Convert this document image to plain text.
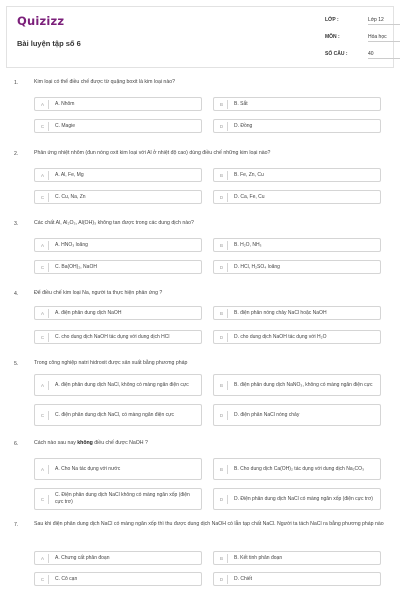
Quizizz
Bài luyện tập số 6
LỚP :	Lớp 12
MÔN :	Hóa học
SỐ CÂU :	40
1.	Kim loại có thể điều chế được từ quặng boxit là kim loại nào?
A	A. Nhôm	B	B. Sắt
C	C. Magie	D	D. Đồng
2.	Phản ứng nhiệt nhôm (đun nóng oxit kim loại với Al ở nhiệt độ cao) dùng điều chế những kim loại nào?
A	A. Al, Fe, Mg	B	B. Fe, Zn, Cu
C	C. Cu, Na, Zn	D	D. Ca, Fe, Cu
3.	Các chất Al, Al₂O₃, Al(OH)₃ không tan được trong các dung dịch nào?
A	A. HNO₃ loãng	B	B. H₂O, NH₃
C	C. Ba(OH)₂, NaOH	D	D. HCl, H₂SO₄ loãng
4.	Để điều chế kim loại Na, người ta thực hiện phản ứng ?
A	A. điện phân dung dịch NaOH	B	B. điện phân nóng chảy NaCl hoặc NaOH
C	C. cho dung dịch NaOH tác dụng với dung dịch HCl	D	D. cho dung dịch NaOH tác dụng với H₂O
5.	Trong công nghiệp natri hidroxit được sản xuất bằng phương pháp
A	A. điện phân dung dịch NaCl, không có màng ngăn điện cực	B	B. điện phân dung dịch NaNO₃, không có màng ngăn điện cực
C	C. điện phân dung dịch NaCl, có màng ngăn điện cực	D	D. điện phân NaCl nóng chảy
6.	Cách nào sau nay không điều chế được NaOH ?
A	A. Cho Na tác dụng với nước	B	B. Cho dung dịch Ca(OH)₂ tác dụng với dung dịch Na₂CO₃
C
C. Điện phân dung dịch NaCl không có màng ngăn xốp (điện cực trơ)	D	D. Điện phân dung dịch NaCl có màng ngăn xốp (điện cực trơ)
7.	Sau khi điện phân dung dịch NaCl có màng ngăn xốp thì thu được dung dịch NaOH có lẫn tạp chất NaCl. Người ta tách NaCl ra bằng phương pháp nào
A	A. Chưng cất phân đoạn	B	B. Kết tinh phân đoạn
C	C. Cô cạn	D	D. Chiết
